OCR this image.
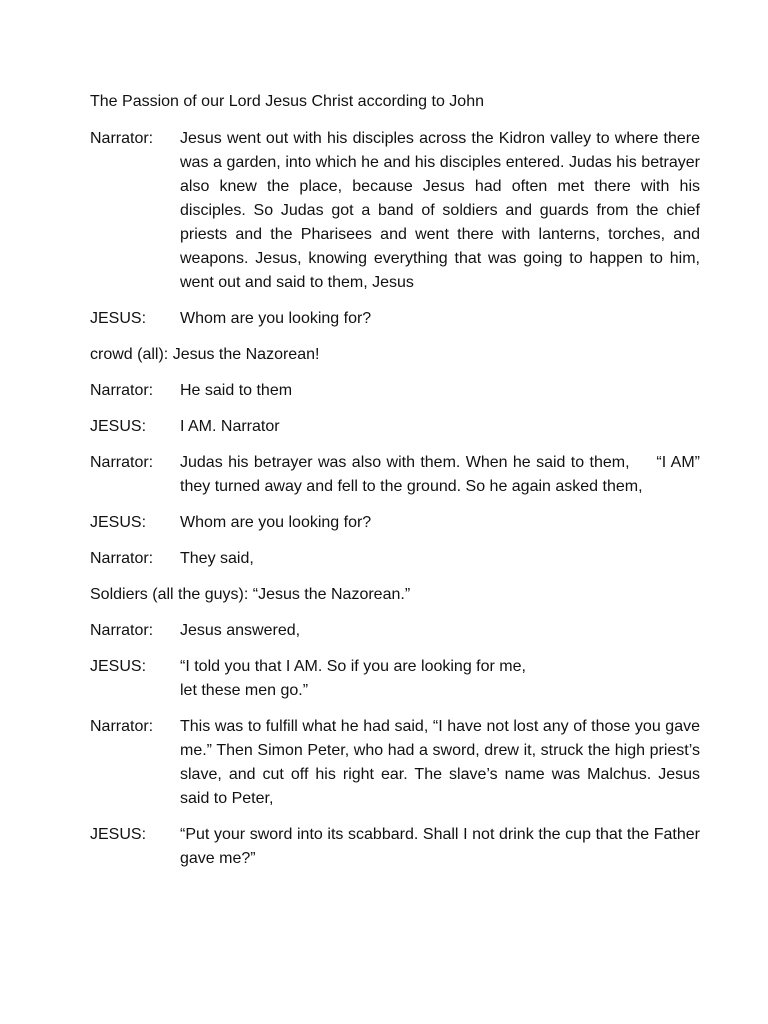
The Passion of our Lord Jesus Christ according to John
Narrator:	Jesus went out with his disciples across the Kidron valley to where there was a garden, into which he and his disciples entered. Judas his betrayer also knew the place, because Jesus had often met there with his disciples. So Judas got a band of soldiers and guards from the chief priests and the Pharisees and went there with lanterns, torches, and weapons. Jesus, knowing everything that was going to happen to him, went out and said to them, Jesus
JESUS:	Whom are you looking for?
crowd (all): Jesus the Nazorean!
Narrator:	He said to them
JESUS:	I AM. Narrator
Narrator:	Judas his betrayer was also with them. When he said to them,     “I AM” they turned away and fell to the ground. So he again asked them,
JESUS:	Whom are you looking for?
Narrator:	They said,
Soldiers (all the guys): “Jesus the Nazorean.”
Narrator:	Jesus answered,
JESUS:	“I told you that I AM. So if you are looking for me,
let these men go.”
Narrator:	This was to fulfill what he had said, “I have not lost any of those you gave me.” Then Simon Peter, who had a sword, drew it, struck the high priest’s slave, and cut off his right ear. The slave’s name was Malchus. Jesus said to Peter,
JESUS:	“Put your sword into its scabbard. Shall I not drink the cup that the Father gave me?”
